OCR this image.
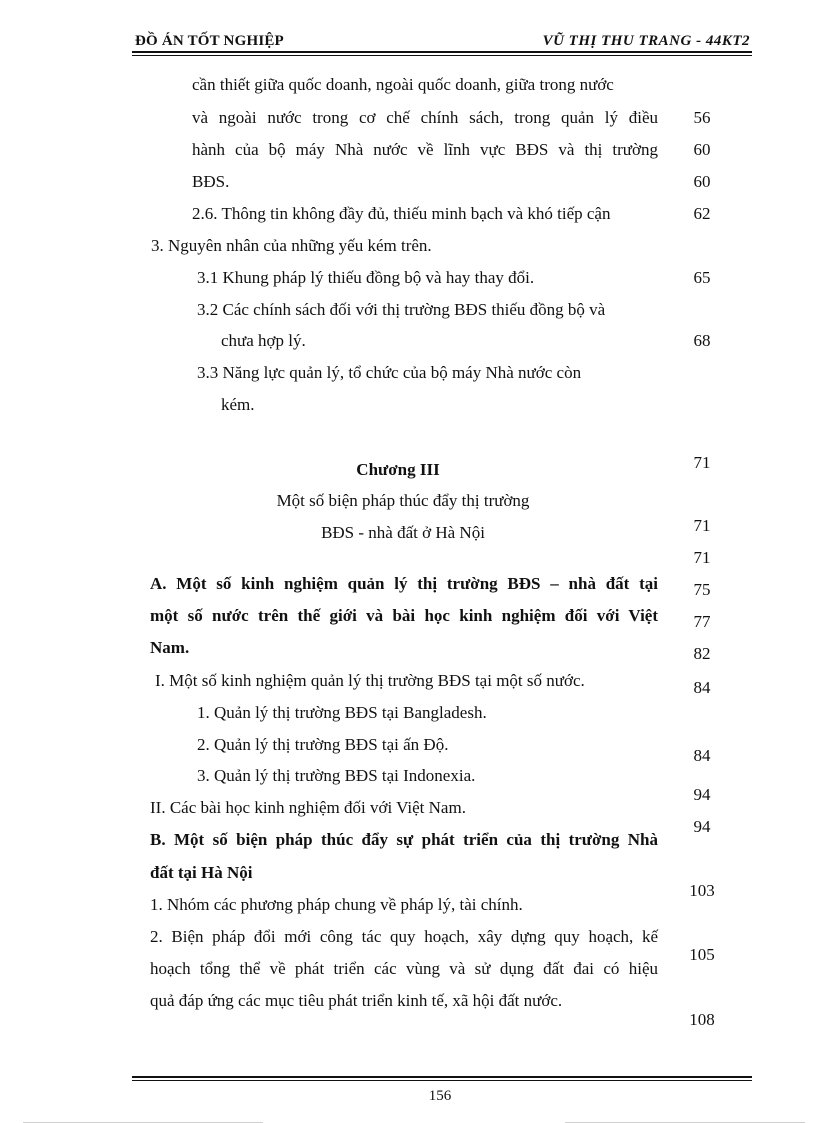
ĐỒ ÁN TỐT NGHIỆP	VŨ THỊ THU TRANG - 44KT2
cần thiết giữa quốc doanh, ngoài quốc doanh, giữa trong nước
và ngoài nước trong cơ chế chính sách, trong quản lý điều
hành của bộ máy Nhà nước về lĩnh vực BĐS và thị trường
BĐS.
2.6. Thông tin không đầy đủ, thiếu minh bạch và khó tiếp cận
3. Nguyên nhân của những yếu kém trên.
3.1 Khung pháp lý thiếu đồng bộ và hay thay đổi.
3.2 Các chính sách đối với thị trường BĐS thiếu đồng bộ và
chưa hợp lý.
3.3 Năng lực quản lý, tổ chức của bộ máy Nhà nước còn
kém.
Chương III
Một số biện pháp thúc đẩy thị trường
BĐS - nhà đất ở Hà Nội
A. Một số kinh nghiệm quản lý thị trường BĐS – nhà đất tại
một số nước trên thế giới và bài học kinh nghiệm đối với Việt
Nam.
I. Một số kinh nghiệm quản lý thị trường BĐS tại một số nước.
1. Quản lý thị trường BĐS tại Bangladesh.
2. Quản lý thị trường BĐS tại ấn Độ.
3. Quản lý thị trường BĐS tại Indonexia.
II. Các bài học kinh nghiệm đối với Việt Nam.
B. Một số biện pháp thúc đẩy sự phát triển của thị trường Nhà
đất tại Hà Nội
1. Nhóm các phương pháp chung về pháp lý, tài chính.
2. Biện pháp đổi mới công tác quy hoạch, xây dựng quy hoạch, kế
hoạch tổng thể về phát triển các vùng và sử dụng đất đai có hiệu
quả đáp ứng các mục tiêu phát triển kinh tế, xã hội đất nước.
56
60
60
62
65
68
71
71
71
75
77
82
84
84
94
94
103
105
108
156
